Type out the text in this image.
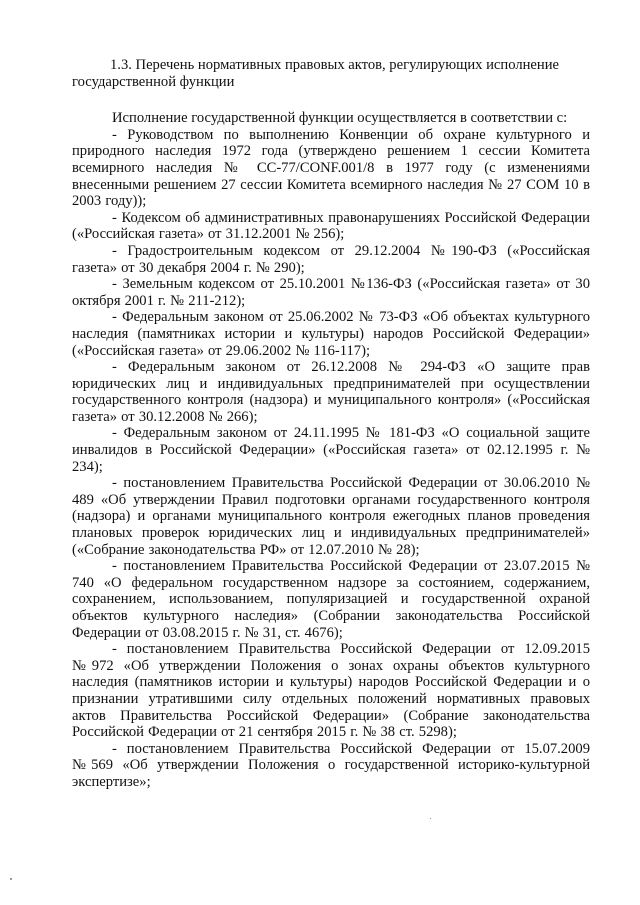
1.3. Перечень нормативных правовых актов, регулирующих исполнение государственной функции

Исполнение государственной функции осуществляется в соответствии с:

- Руководством по выполнению Конвенции об охране культурного и природного наследия 1972 года (утверждено решением 1 сессии Комитета всемирного наследия № СС-77/CONF.001/8 в 1977 году (с изменениями внесенными решением 27 сессии Комитета всемирного наследия № 27 COM 10 в 2003 году));

- Кодексом об административных правонарушениях Российской Федерации («Российская газета» от 31.12.2001 № 256);

- Градостроительным кодексом от 29.12.2004 №190-ФЗ («Российская газета» от 30 декабря 2004 г. № 290);

- Земельным кодексом от 25.10.2001 №136-ФЗ («Российская газета» от 30 октября 2001 г. № 211-212);

- Федеральным законом от 25.06.2002 № 73-ФЗ «Об объектах культурного наследия (памятниках истории и культуры) народов Российской Федерации» («Российская газета» от 29.06.2002 № 116-117);

- Федеральным законом от 26.12.2008 № 294-ФЗ «О защите прав юридических лиц и индивидуальных предпринимателей при осуществлении государственного контроля (надзора) и муниципального контроля» («Российская газета» от 30.12.2008 № 266);

- Федеральным законом от 24.11.1995 № 181-ФЗ «О социальной защите инвалидов в Российской Федерации» («Российская газета» от 02.12.1995 г. № 234);

- постановлением Правительства Российской Федерации от 30.06.2010 № 489 «Об утверждении Правил подготовки органами государственного контроля (надзора) и органами муниципального контроля ежегодных планов проведения плановых проверок юридических лиц и индивидуальных предпринимателей» («Собрание законодательства РФ» от 12.07.2010 № 28);

- постановлением Правительства Российской Федерации от 23.07.2015 № 740 «О федеральном государственном надзоре за состоянием, содержанием, сохранением, использованием, популяризацией и государственной охраной объектов культурного наследия» (Собрании законодательства Российской Федерации от 03.08.2015 г. № 31, ст. 4676);

- постановлением Правительства Российской Федерации от 12.09.2015 №972 «Об утверждении Положения о зонах охраны объектов культурного наследия (памятников истории и культуры) народов Российской Федерации и о признании утратившими силу отдельных положений нормативных правовых актов Правительства Российской Федерации» (Собрание законодательства Российской Федерации от 21 сентября 2015 г. № 38 ст. 5298);

- постановлением Правительства Российской Федерации от 15.07.2009 №569 «Об утверждении Положения о государственной историко-культурной экспертизе»;
